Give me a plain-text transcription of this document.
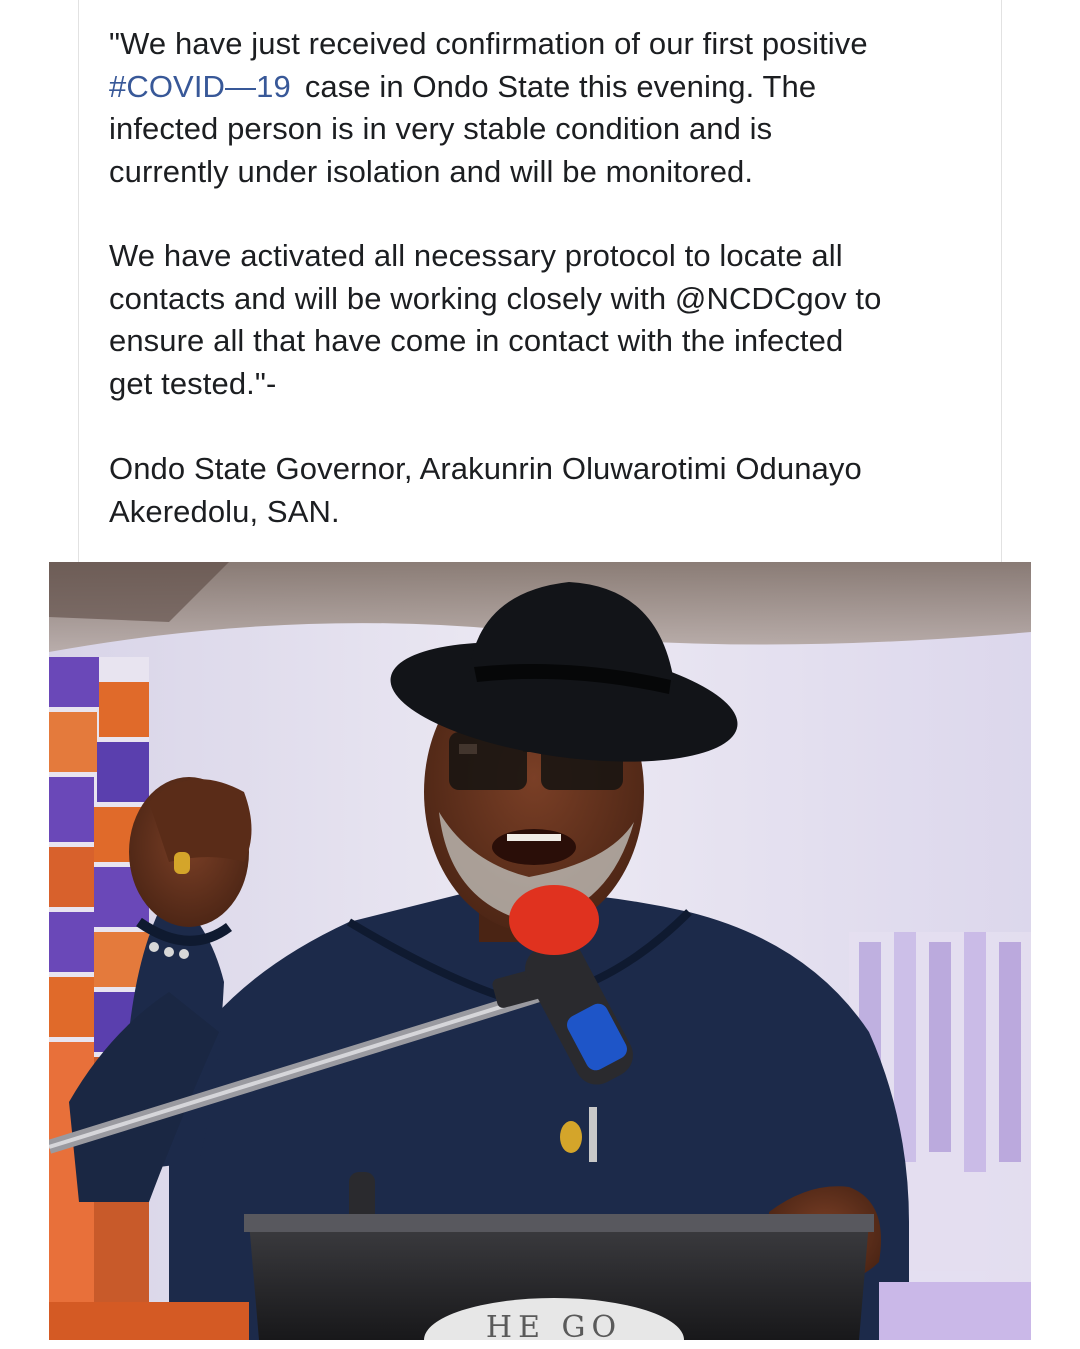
"We have just received confirmation of our first positive
#COVID—19 case in Ondo State this evening. The
infected person is in very stable condition and is
currently under isolation and will be monitored.
We have activated all necessary protocol to locate all
contacts and will be working closely with @NCDCgov to
ensure all that have come in contact with the infected
get tested."-
Ondo State Governor, Arakunrin Oluwarotimi Odunayo
Akeredolu, SAN.
HE GO
